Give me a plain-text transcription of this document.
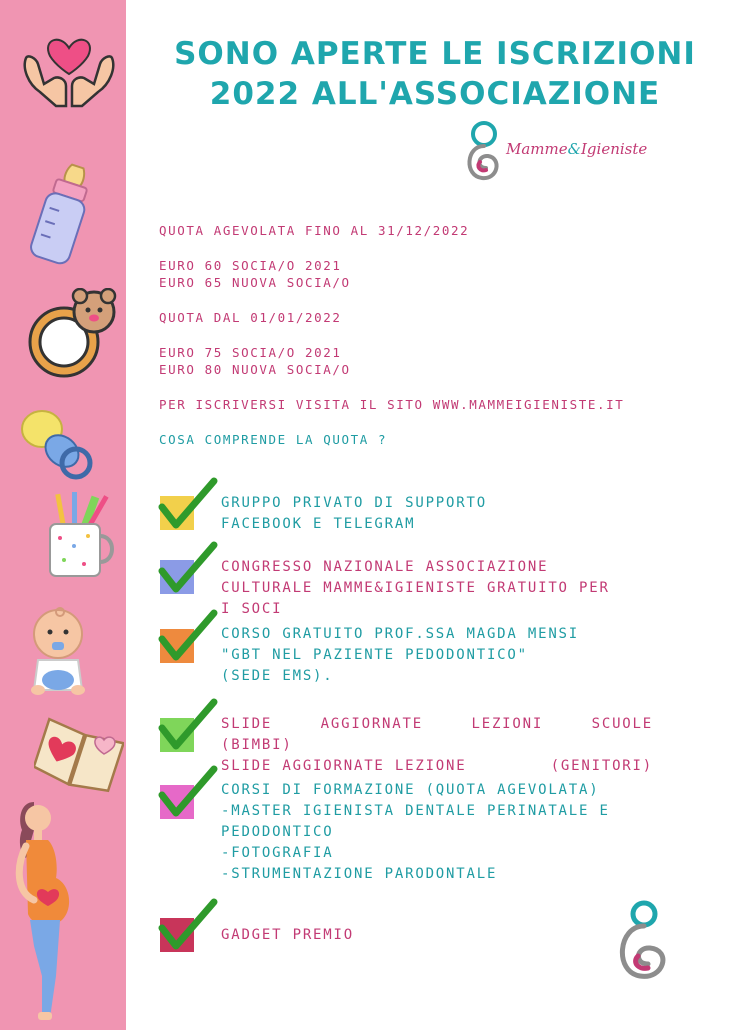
SONO APERTE LE ISCRIZIONI
2022 ALL'ASSOCIAZIONE
Mamme&Igieniste

QUOTA AGEVOLATA FINO AL 31/12/2022

EURO 60 SOCIA/O 2021

EURO 65 NUOVA SOCIA/O

QUOTA DAL 01/01/2022

EURO 75 SOCIA/O 2021

EURO 80 NUOVA SOCIA/O

PER ISCRIVERSI VISITA IL SITO WWW.MAMMEIGIENISTE.IT

COSA COMPRENDE LA QUOTA ?

GRUPPO PRIVATO DI SUPPORTO
FACEBOOK E TELEGRAM
CONGRESSO NAZIONALE ASSOCIAZIONE
CULTURALE MAMME&IGIENISTE GRATUITO PER
I SOCI
CORSO GRATUITO PROF.SSA MAGDA MENSI
"GBT NEL PAZIENTE PEDODONTICO"
(SEDE EMS).
SLIDE	AGGIORNATE	LEZIONI	SCUOLE
(BIMBI)
SLIDE AGGIORNATE LEZIONE	(GENITORI)
CORSI DI FORMAZIONE (QUOTA AGEVOLATA)
-MASTER IGIENISTA DENTALE PERINATALE E
PEDODONTICO
-FOTOGRAFIA
-STRUMENTAZIONE PARODONTALE
GADGET PREMIO
